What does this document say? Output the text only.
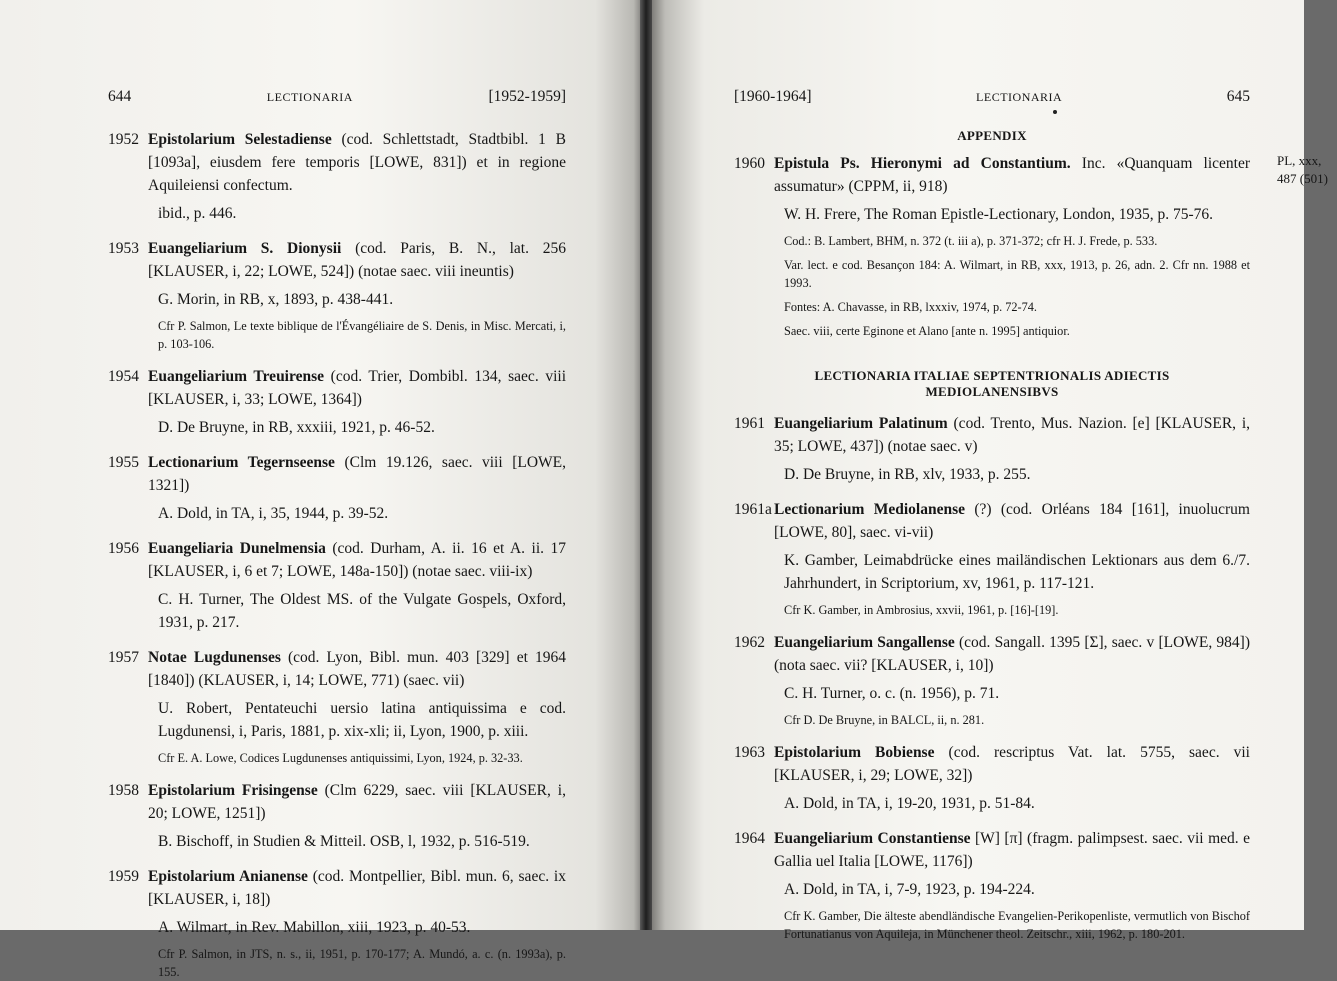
644	LECTIONARIA	[1952-1959]
1952 Epistolarium Selestadiense (cod. Schlettstadt, Stadtbibl. 1 B [1093a], eiusdem fere temporis [LOWE, 831]) et in regione Aquileiensi confectum.
ibid., p. 446.
1953 Euangeliarium S. Dionysii (cod. Paris, B. N., lat. 256 [KLAUSER, i, 22; LOWE, 524]) (notae saec. viii ineuntis)
G. Morin, in RB, x, 1893, p. 438-441.
Cfr P. Salmon, Le texte biblique de l'Évangéliaire de S. Denis, in Misc. Mercati, i, p. 103-106.
1954 Euangeliarium Treuirense (cod. Trier, Dombibl. 134, saec. viii [KLAUSER, i, 33; LOWE, 1364])
D. De Bruyne, in RB, xxxiii, 1921, p. 46-52.
1955 Lectionarium Tegernseense (Clm 19.126, saec. viii [LOWE, 1321])
A. Dold, in TA, i, 35, 1944, p. 39-52.
1956 Euangeliaria Dunelmensia (cod. Durham, A. ii. 16 et A. ii. 17 [KLAUSER, i, 6 et 7; LOWE, 148a-150]) (notae saec. viii-ix)
C. H. Turner, The Oldest MS. of the Vulgate Gospels, Oxford, 1931, p. 217.
1957 Notae Lugdunenses (cod. Lyon, Bibl. mun. 403 [329] et 1964 [1840]) (KLAUSER, i, 14; LOWE, 771) (saec. vii)
U. Robert, Pentateuchi uersio latina antiquissima e cod. Lugdunensi, i, Paris, 1881, p. xix-xli; ii, Lyon, 1900, p. xiii.
Cfr E. A. Lowe, Codices Lugdunenses antiquissimi, Lyon, 1924, p. 32-33.
1958 Epistolarium Frisingense (Clm 6229, saec. viii [KLAUSER, i, 20; LOWE, 1251])
B. Bischoff, in Studien & Mitteil. OSB, l, 1932, p. 516-519.
1959 Epistolarium Anianense (cod. Montpellier, Bibl. mun. 6, saec. ix [KLAUSER, i, 18])
A. Wilmart, in Rev. Mabillon, xiii, 1923, p. 40-53.
Cfr P. Salmon, in JTS, n. s., ii, 1951, p. 170-177; A. Mundó, a. c. (n. 1993a), p. 155.
[1960-1964]	LECTIONARIA	645
APPENDIX
1960 Epistula Ps. Hieronymi ad Constantium. Inc. «Quanquam licenter assumatur» (CPPM, ii, 918)
W. H. Frere, The Roman Epistle-Lectionary, London, 1935, p. 75-76.
Cod.: B. Lambert, BHM, n. 372 (t. iii a), p. 371-372; cfr H. J. Frede, p. 533.
Var. lect. e cod. Besançon 184: A. Wilmart, in RB, xxx, 1913, p. 26, adn. 2. Cfr nn. 1988 et 1993.
Fontes: A. Chavasse, in RB, lxxxiv, 1974, p. 72-74.
Saec. viii, certe Eginone et Alano [ante n. 1995] antiquior.
PL, xxx, 487 (501)
LECTIONARIA ITALIAE SEPTENTRIONALIS ADIECTIS
MEDIOLANENSIBVS
1961 Euangeliarium Palatinum (cod. Trento, Mus. Nazion. [e] [KLAUSER, i, 35; LOWE, 437]) (notae saec. v)
D. De Bruyne, in RB, xlv, 1933, p. 255.
1961a Lectionarium Mediolanense (?) (cod. Orléans 184 [161], inuolucrum [LOWE, 80], saec. vi-vii)
K. Gamber, Leimabdrücke eines mailändischen Lektionars aus dem 6./7. Jahrhundert, in Scriptorium, xv, 1961, p. 117-121.
Cfr K. Gamber, in Ambrosius, xxvii, 1961, p. [16]-[19].
1962 Euangeliarium Sangallense (cod. Sangall. 1395 [Σ], saec. v [LOWE, 984]) (nota saec. vii? [KLAUSER, i, 10])
C. H. Turner, o. c. (n. 1956), p. 71.
Cfr D. De Bruyne, in BALCL, ii, n. 281.
1963 Epistolarium Bobiense (cod. rescriptus Vat. lat. 5755, saec. vii [KLAUSER, i, 29; LOWE, 32])
A. Dold, in TA, i, 19-20, 1931, p. 51-84.
1964 Euangeliarium Constantiense [W] [π] (fragm. palimpsest. saec. vii med. e Gallia uel Italia [LOWE, 1176])
A. Dold, in TA, i, 7-9, 1923, p. 194-224.
Cfr K. Gamber, Die älteste abendländische Evangelien-Perikopenliste, vermutlich von Bischof Fortunatianus von Aquileja, in Münchener theol. Zeitschr., xiii, 1962, p. 180-201.
